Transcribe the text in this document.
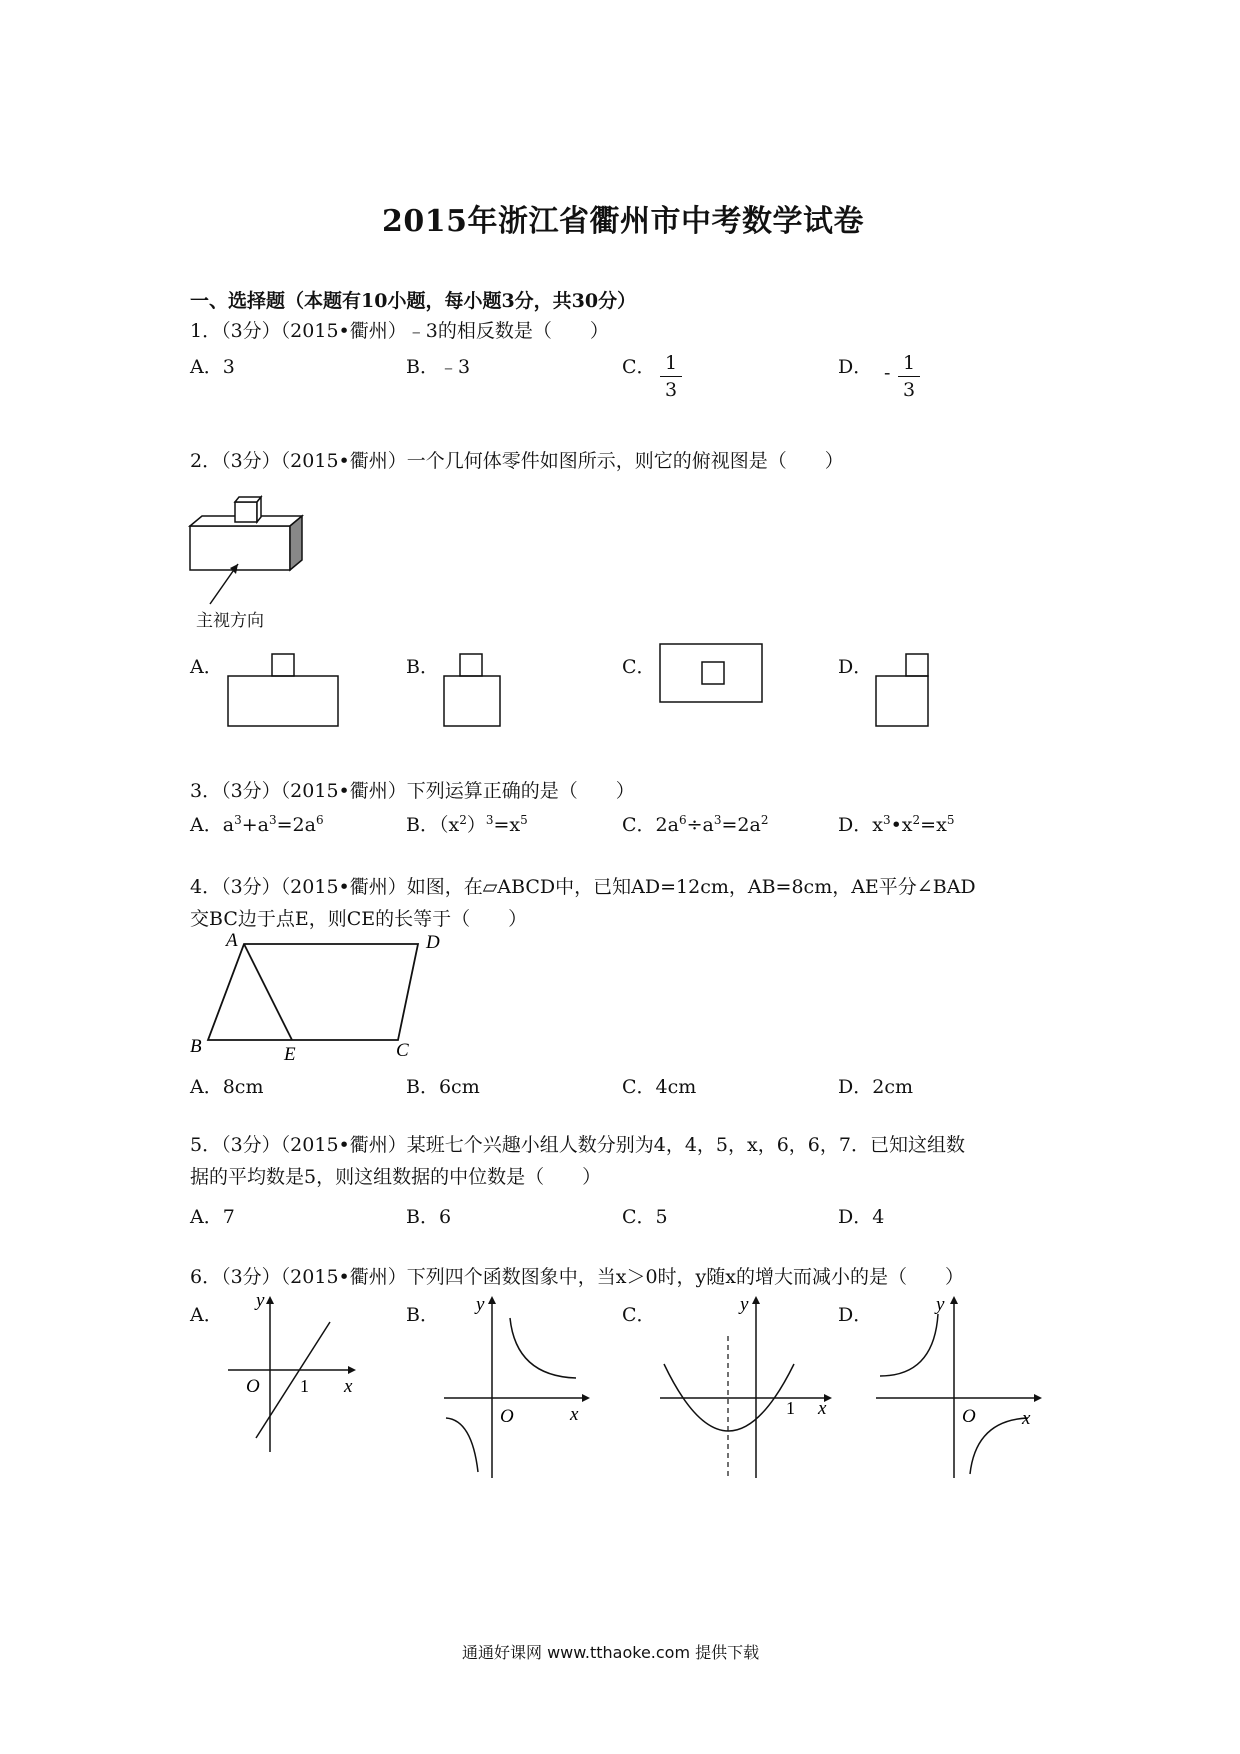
2015年浙江省衢州市中考数学试卷
一、选择题（本题有10小题，每小题3分，共30分）
1．（3分）（2015•衢州）﹣3的相反数是（　　）
A．3	B．﹣3	C． 1
3
D． - 1
3
2．（3分）（2015•衢州）一个几何体零件如图所示，则它的俯视图是（　　）
主视方向
A．	B．	C．	D．
3．（3分）（2015•衢州）下列运算正确的是（　　）
A．$a^3+a^3=2a^6$	B．$(x^2)^3=x^5$	C．$2a^6\div a^3=2a^2$	D．$x^3•x^2=x^5$
4．（3分）（2015•衢州）如图，在▱ABCD中，已知AD=12cm，AB=8cm，AE平分∠BAD
交BC边于点E，则CE的长等于（　　）
A	D
B	E	C
A．8cm	B．6cm	C．4cm	D．2cm
5．（3分）（2015•衢州）某班七个兴趣小组人数分别为4，4，5，x，6，6，7．已知这组数
据的平均数是5，则这组数据的中位数是（　　）
A．7	B．6	C．5	D．4
6．（3分）（2015•衢州）下列四个函数图象中，当x＞0时，y随x的增大而减小的是（　　）
A．
y
x
O 1
B． y
x
O
C．	y
x
1
D．	y
x
O
通通好课网 www.tthaoke.com 提供下载
